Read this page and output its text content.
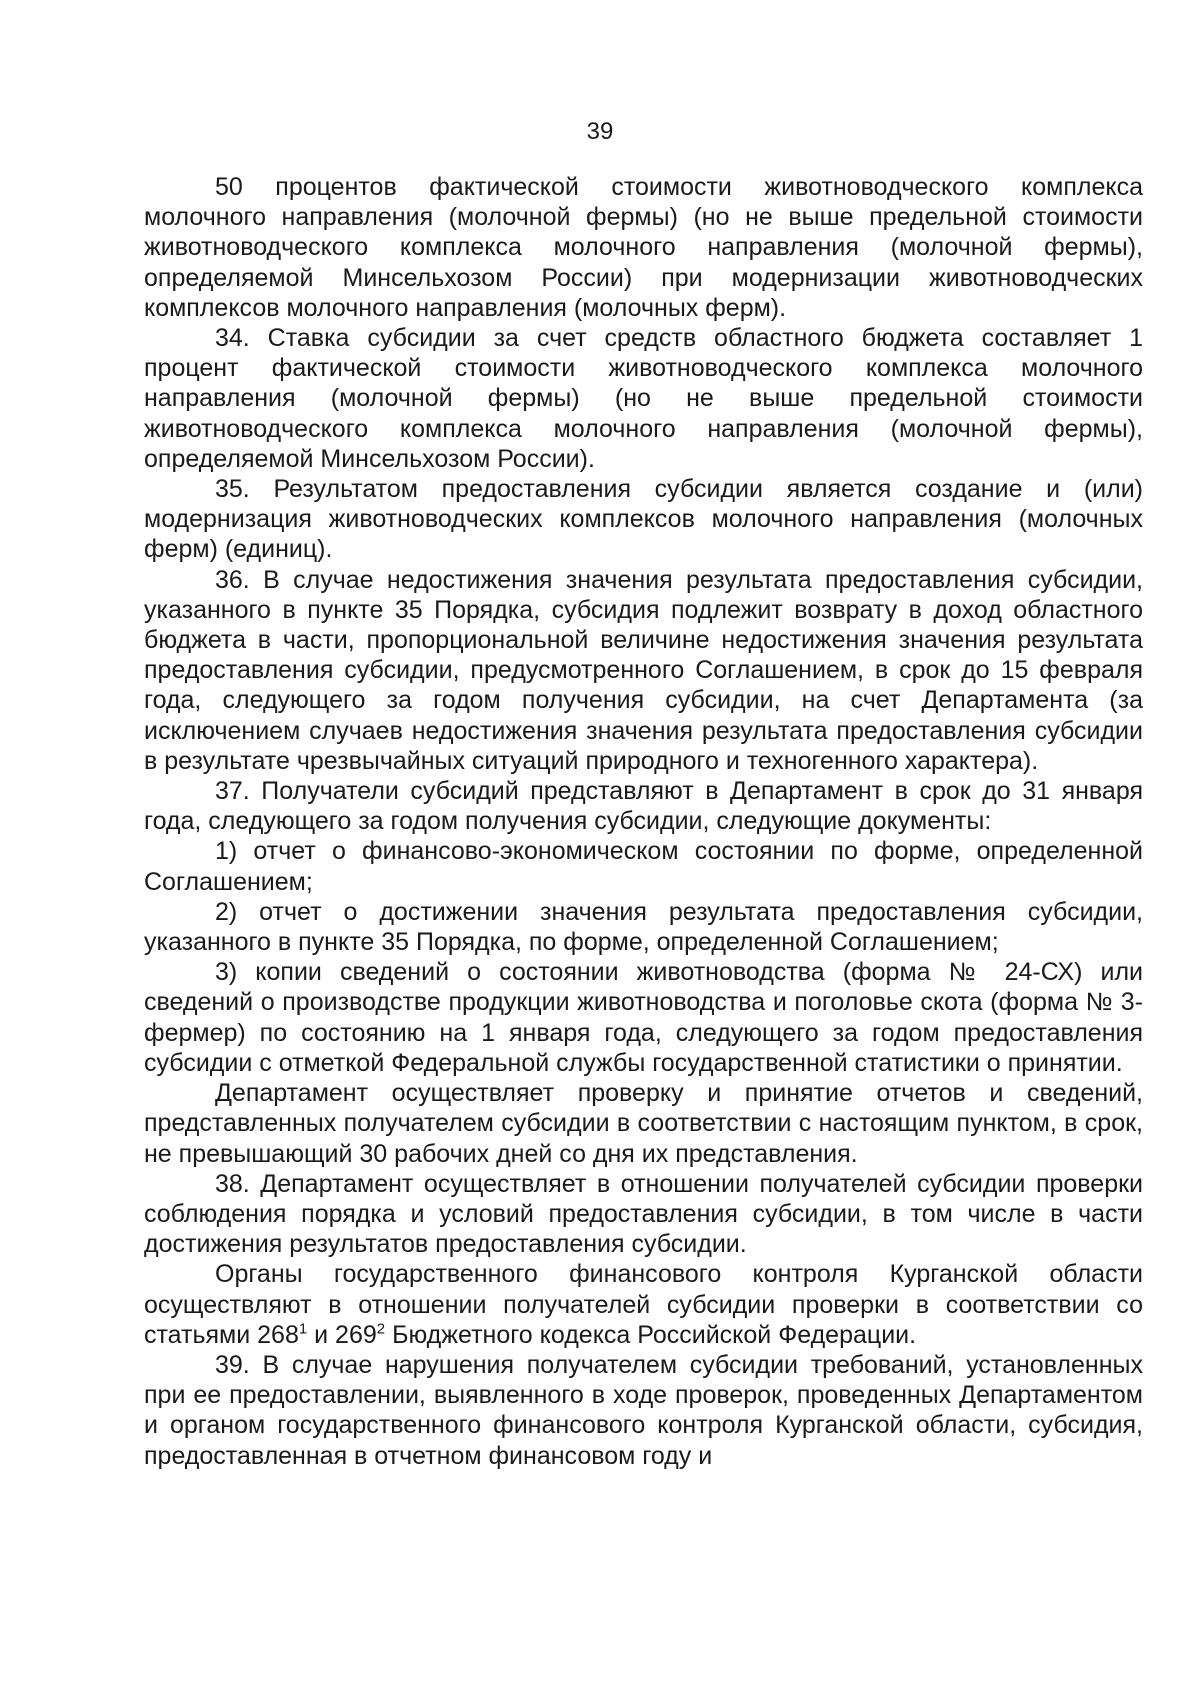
39

50 процентов фактической стоимости животноводческого комплекса молочного направления (молочной фермы) (но не выше предельной стоимости животноводческого комплекса молочного направления (молочной фермы), определяемой Минсельхозом России) при модернизации животноводческих комплексов молочного направления (молочных ферм).

34. Ставка субсидии за счет средств областного бюджета составляет 1 процент фактической стоимости животноводческого комплекса молочного направления (молочной фермы) (но не выше предельной стоимости животноводческого комплекса молочного направления (молочной фермы), определяемой Минсельхозом России).

35. Результатом предоставления субсидии является создание и (или) модернизация животноводческих комплексов молочного направления (молочных ферм) (единиц).

36. В случае недостижения значения результата предоставления субсидии, указанного в пункте 35 Порядка, субсидия подлежит возврату в доход областного бюджета в части, пропорциональной величине недостижения значения результата предоставления субсидии, предусмотренного Соглашением, в срок до 15 февраля года, следующего за годом получения субсидии, на счет Департамента (за исключением случаев недостижения значения результата предоставления субсидии в результате чрезвычайных ситуаций природного и техногенного характера).

37. Получатели субсидий представляют в Департамент в срок до 31 января года, следующего за годом получения субсидии, следующие документы:

1) отчет о финансово-экономическом состоянии по форме, определенной Соглашением;

2) отчет о достижении значения результата предоставления субсидии, указанного в пункте 35 Порядка, по форме, определенной Соглашением;

3) копии сведений о состоянии животноводства (форма № 24-СХ) или сведений о производстве продукции животноводства и поголовье скота (форма № 3-фермер) по состоянию на 1 января года, следующего за годом предоставления субсидии с отметкой Федеральной службы государственной статистики о принятии.

Департамент осуществляет проверку и принятие отчетов и сведений, представленных получателем субсидии в соответствии с настоящим пунктом, в срок, не превышающий 30 рабочих дней со дня их представления.

38. Департамент осуществляет в отношении получателей субсидии проверки соблюдения порядка и условий предоставления субсидии, в том числе в части достижения результатов предоставления субсидии.

Органы государственного финансового контроля Курганской области осуществляют в отношении получателей субсидии проверки в соответствии со статьями $268^1$ и $269^2$ Бюджетного кодекса Российской Федерации.

39. В случае нарушения получателем субсидии требований, установленных при ее предоставлении, выявленного в ходе проверок, проведенных Департаментом и органом государственного финансового контроля Курганской области, субсидия, предоставленная в отчетном финансовом году и
